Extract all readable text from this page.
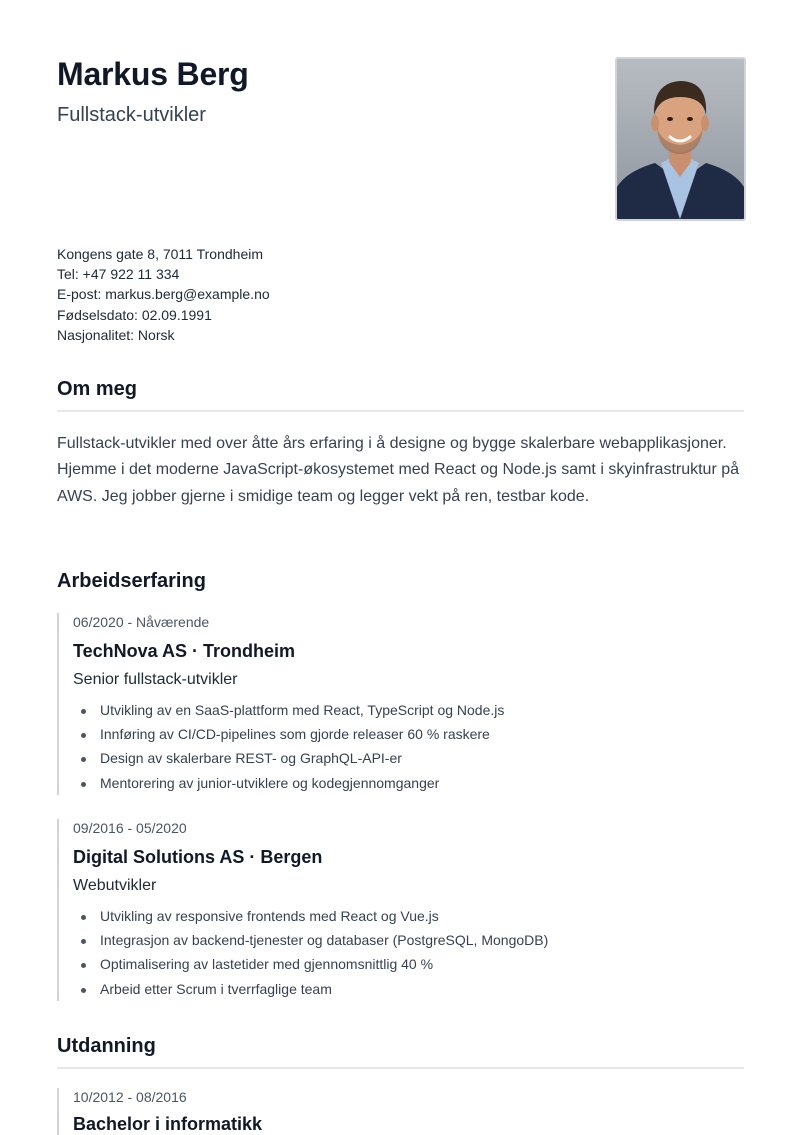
Markus Berg
Fullstack-utvikler
Kongens gate 8, 7011 Trondheim
Tel: +47 922 11 334
E-post: markus.berg@example.no
Fødselsdato: 02.09.1991
Nasjonalitet: Norsk
Om meg

Fullstack-utvikler med over åtte års erfaring i å designe og bygge skalerbare webapplikasjoner. Hjemme i det moderne JavaScript-økosystemet med React og Node.js samt i skyinfrastruktur på AWS. Jeg jobber gjerne i smidige team og legger vekt på ren, testbar kode.

Arbeidserfaring
06/2020 - Nåværende
TechNova AS · Trondheim
Senior fullstack-utvikler
Utvikling av en SaaS-plattform med React, TypeScript og Node.js
Innføring av CI/CD-pipelines som gjorde releaser 60 % raskere
Design av skalerbare REST- og GraphQL-API-er
Mentorering av junior-utviklere og kodegjennomganger
09/2016 - 05/2020
Digital Solutions AS · Bergen
Webutvikler
Utvikling av responsive frontends med React og Vue.js
Integrasjon av backend-tjenester og databaser (PostgreSQL, MongoDB)
Optimalisering av lastetider med gjennomsnittlig 40 %
Arbeid etter Scrum i tverrfaglige team
Utdanning
10/2012 - 08/2016
Bachelor i informatikk
